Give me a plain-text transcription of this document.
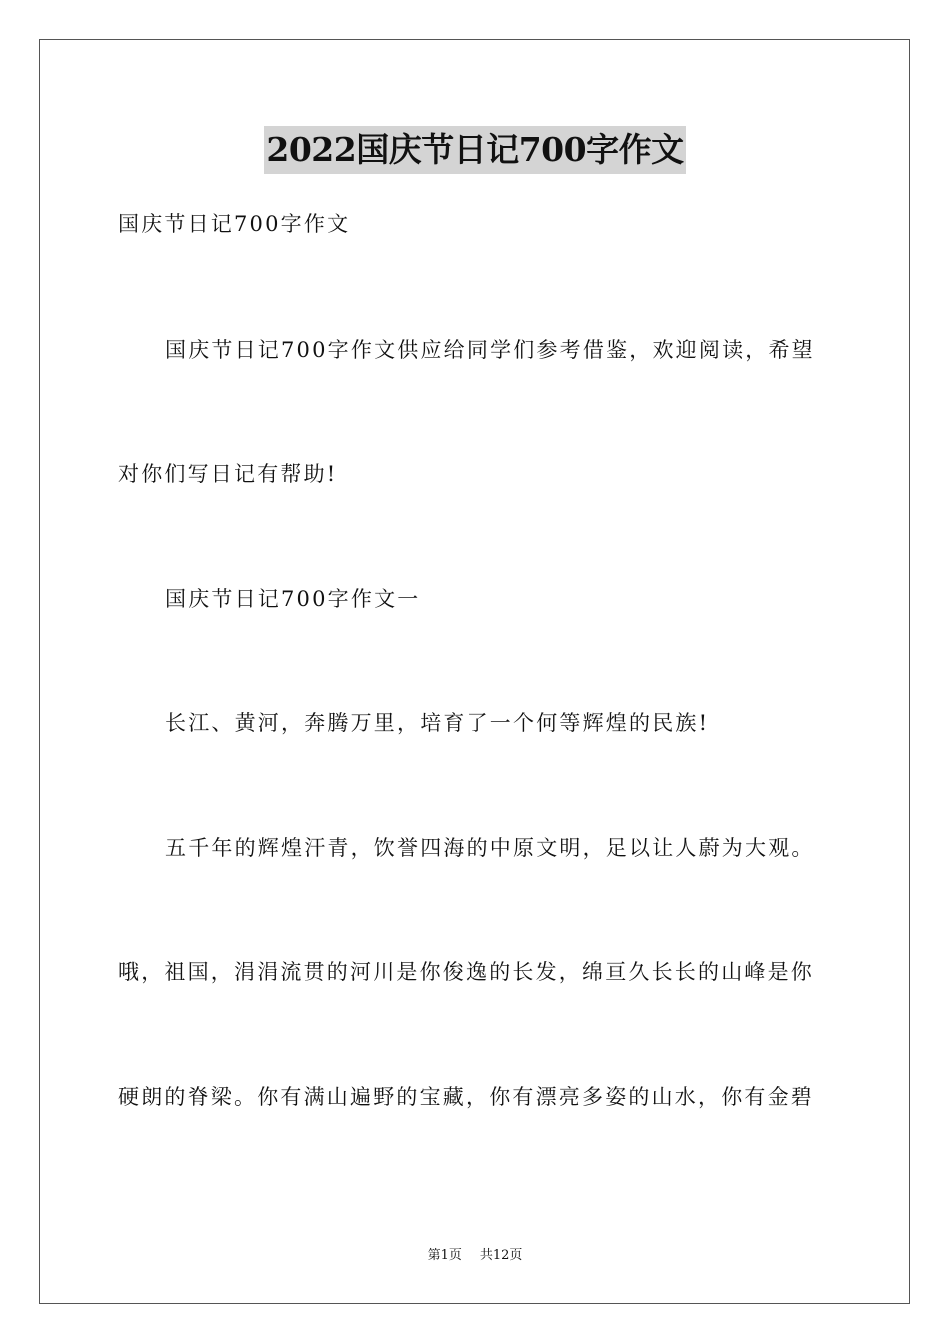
2022国庆节日记700字作文
国庆节日记700字作文
国庆节日记700字作文供应给同学们参考借鉴，欢迎阅读，希望
对你们写日记有帮助!
国庆节日记700字作文一
长江、黄河，奔腾万里，培育了一个何等辉煌的民族!
五千年的辉煌汗青，饮誉四海的中原文明，足以让人蔚为大观。
哦，祖国，涓涓流贯的河川是你俊逸的长发，绵亘久长长的山峰是你
硬朗的脊梁。你有满山遍野的宝藏，你有漂亮多姿的山水，你有金碧
第1页 共12页
